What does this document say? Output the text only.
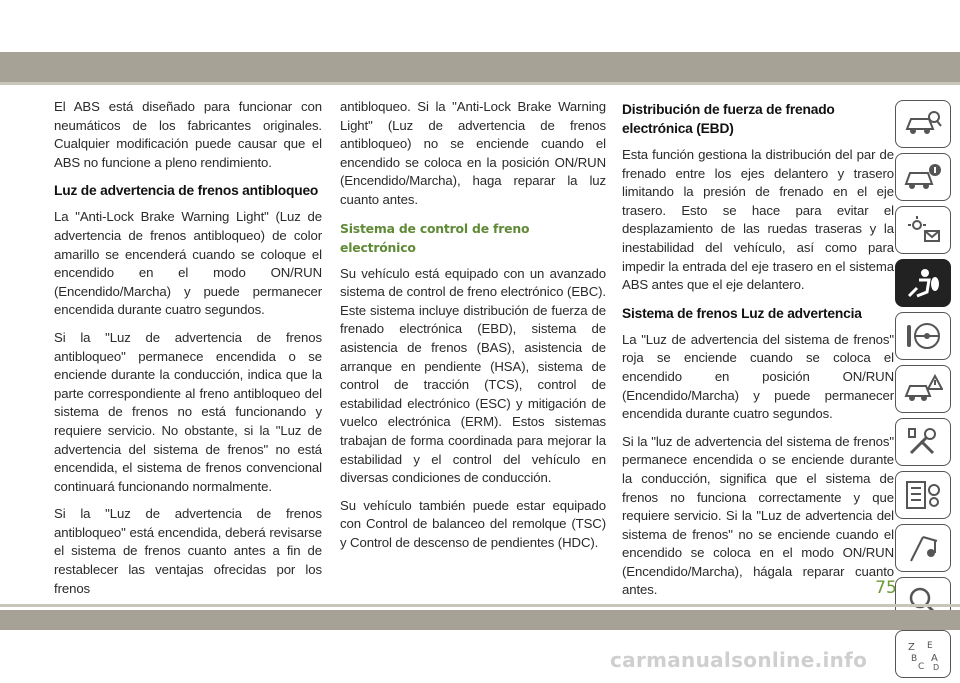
El ABS está diseñado para funcionar con neumáticos de los fabricantes originales. Cualquier modificación puede causar que el ABS no funcione a pleno rendimiento.

Luz de advertencia de frenos antibloqueo

La "Anti-Lock Brake Warning Light" (Luz de advertencia de frenos antibloqueo) de color amarillo se encenderá cuando se coloque el encendido en el modo ON/RUN (Encendido/Marcha) y puede permanecer encendida durante cuatro segundos.

Si la "Luz de advertencia de frenos antibloqueo" permanece encendida o se enciende durante la conducción, indica que la parte correspondiente al freno antibloqueo del sistema de frenos no está funcionando y requiere servicio. No obstante, si la "Luz de advertencia del sistema de frenos" no está encendida, el sistema de frenos convencional continuará funcionando normalmente.

Si la "Luz de advertencia de frenos antibloqueo" está encendida, deberá revisarse el sistema de frenos cuanto antes a fin de restablecer las ventajas ofrecidas por los frenos

antibloqueo. Si la "Anti-Lock Brake Warning Light" (Luz de advertencia de frenos antibloqueo) no se enciende cuando el encendido se coloca en la posición ON/RUN (Encendido/Marcha), haga reparar la luz cuanto antes.

Sistema de control de freno electrónico

Su vehículo está equipado con un avanzado sistema de control de freno electrónico (EBC). Este sistema incluye distribución de fuerza de frenado electrónica (EBD), sistema de asistencia de frenos (BAS), asistencia de arranque en pendiente (HSA), sistema de control de tracción (TCS), control de estabilidad electrónico (ESC) y mitigación de vuelco electrónica (ERM). Estos sistemas trabajan de forma coordinada para mejorar la estabilidad y el control del vehículo en diversas condiciones de conducción.

Su vehículo también puede estar equipado con Control de balanceo del remolque (TSC) y Control de descenso de pendientes (HDC).

Distribución de fuerza de frenado electrónica (EBD)

Esta función gestiona la distribución del par de frenado entre los ejes delantero y trasero limitando la presión de frenado en el eje trasero. Esto se hace para evitar el desplazamiento de las ruedas traseras y la inestabilidad del vehículo, así como para impedir la entrada del eje trasero en el sistema ABS antes que el eje delantero.

Sistema de frenos Luz de advertencia

La "Luz de advertencia del sistema de frenos" roja se enciende cuando se coloca el encendido en posición ON/RUN (Encendido/Marcha) y puede permanecer encendida durante cuatro segundos.

Si la "luz de advertencia del sistema de frenos" permanece encendida o se enciende durante la conducción, significa que el sistema de frenos no funciona correctamente y que requiere servicio. Si la "Luz de advertencia del sistema de frenos" no se enciende cuando el encendido se coloca en el modo ON/RUN (Encendido/Marcha), hágala reparar cuanto antes.

Z E
B A
C D
75
carmanualsonline.info
